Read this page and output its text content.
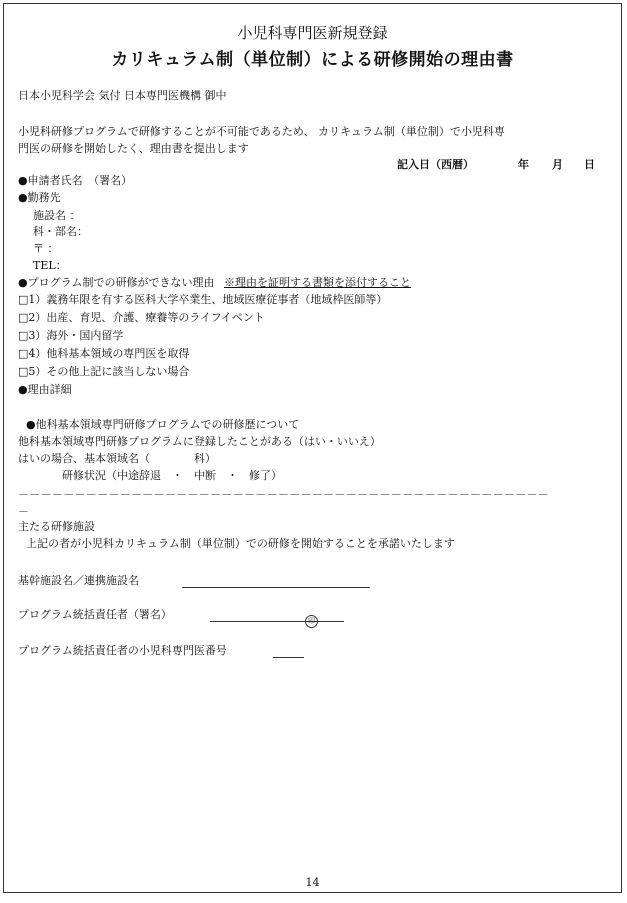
小児科専門医新規登録
カリキュラム制（単位制）による研修開始の理由書
日本小児科学会 気付 日本専門医機構 御中
小児科研修プログラムで研修することが不可能であるため、 カリキュラム制（単位制）で小児科専
門医の研修を開始したく、理由書を提出します
記入日（西暦）	年 月 日
●申請者氏名　（署名）
●勤務先
施設名 ：
科・部名：
〒 ：
TEL：
●プログラム制での研修ができない理由 ※理由を証明する書類を添付すること
□1）義務年限を有する医科大学卒業生、地域医療従事者（地域枠医師等）
□2）出産、育児、介護、療養等のライフイベント
□3）海外・国内留学
□4）他科基本領域の専門医を取得
□5）その他上記に該当しない場合
●理由詳細
●他科基本領域専門研修プログラムでの研修歴について
他科基本領域専門研修プログラムに登録したことがある（はい・いいえ）
はいの場合、基本領域名（　　　　科）
研修状況（中途辞退　・　中断　・　修了）
－－－－－－－－－－－－－－－－－－－－－－－－－－－－－－－－－－－－－－－－－－－－－－－
－
主たる研修施設
上記の者が小児科カリキュラム制（単位制）での研修を開始することを承諾いたします
基幹施設名／連携施設名
プログラム統括責任者（署名）	印
プログラム統括責任者の小児科専門医番号
14
